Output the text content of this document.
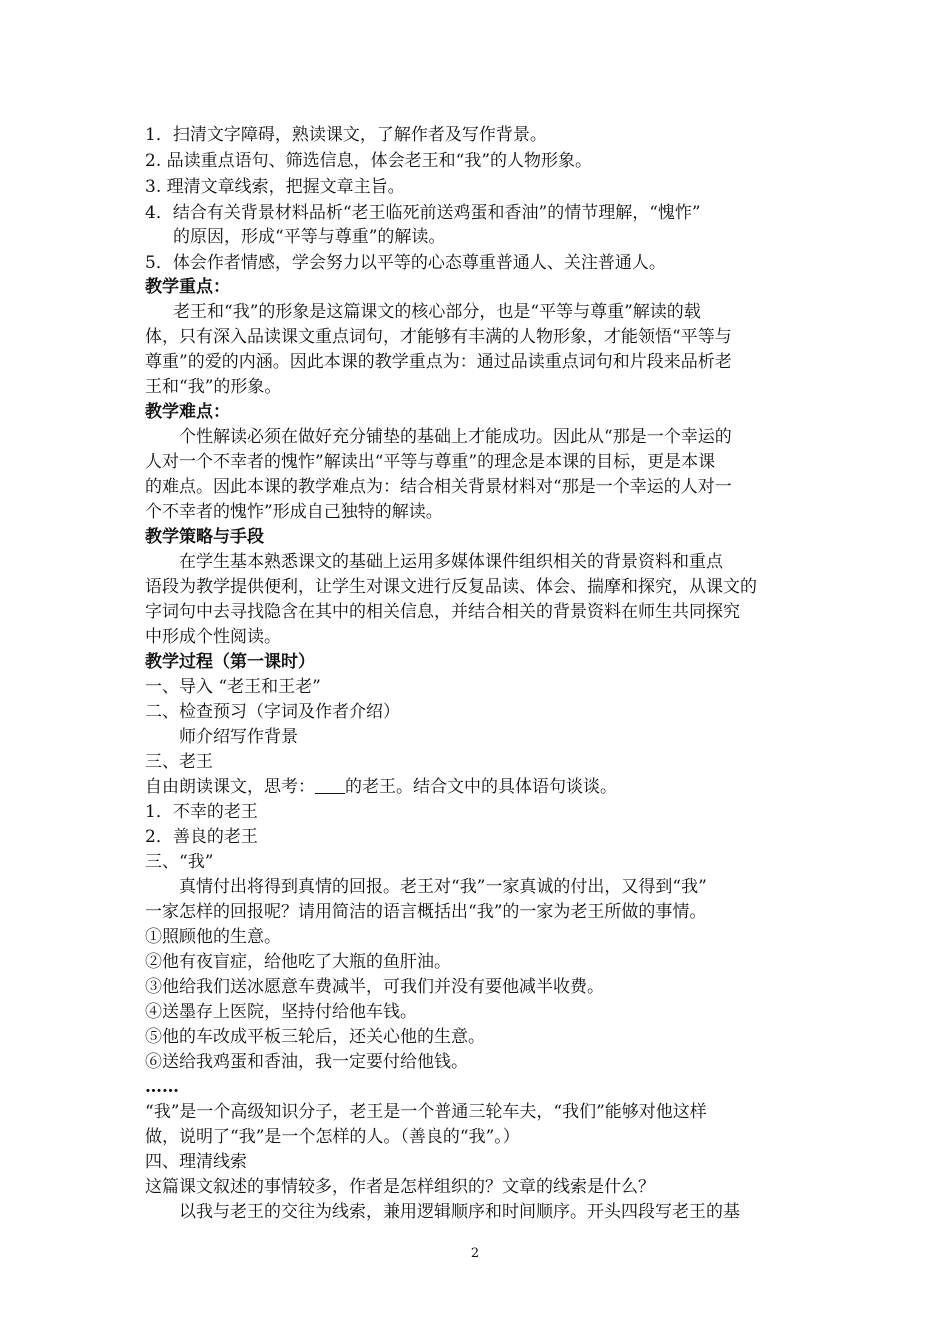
1．扫清文字障碍，熟读课文，了解作者及写作背景。
2. 品读重点语句、筛选信息，体会老王和“我”的人物形象。
3. 理清文章线索，把握文章主旨。
4．结合有关背景材料品析“老王临死前送鸡蛋和香油”的情节理解，“愧怍”
的原因，形成“平等与尊重”的解读。
5．体会作者情感，学会努力以平等的心态尊重普通人、关注普通人。
教学重点：
老王和“我”的形象是这篇课文的核心部分，也是“平等与尊重”解读的载
体，只有深入品读课文重点词句，才能够有丰满的人物形象，才能领悟“平等与
尊重”的爱的内涵。因此本课的教学重点为：通过品读重点词句和片段来品析老
王和“我”的形象。
教学难点：
个性解读必须在做好充分铺垫的基础上才能成功。因此从“那是一个幸运的
人对一个不幸者的愧怍”解读出“平等与尊重”的理念是本课的目标，更是本课
的难点。因此本课的教学难点为：结合相关背景材料对“那是一个幸运的人对一
个不幸者的愧怍”形成自己独特的解读。
教学策略与手段
在学生基本熟悉课文的基础上运用多媒体课件组织相关的背景资料和重点
语段为教学提供便利，让学生对课文进行反复品读、体会、揣摩和探究，从课文的
字词句中去寻找隐含在其中的相关信息，并结合相关的背景资料在师生共同探究
中形成个性阅读。
教学过程（第一课时）
一、导入 “老王和王老”
二、检查预习（字词及作者介绍）
师介绍写作背景
三、老王
自由朗读课文，思考： 的老王。结合文中的具体语句谈谈。
1．不幸的老王
2．善良的老王
三、“我”
真情付出将得到真情的回报。老王对“我”一家真诚的付出，又得到“我”
一家怎样的回报呢？请用简洁的语言概括出“我”的一家为老王所做的事情。
①照顾他的生意。
②他有夜盲症，给他吃了大瓶的鱼肝油。
③他给我们送冰愿意车费减半，可我们并没有要他减半收费。
④送墨存上医院，坚持付给他车钱。
⑤他的车改成平板三轮后，还关心他的生意。
⑥送给我鸡蛋和香油，我一定要付给他钱。
……
“我”是一个高级知识分子，老王是一个普通三轮车夫，“我们”能够对他这样
做，说明了“我”是一个怎样的人。（善良的“我”。）
四、理清线索
这篇课文叙述的事情较多，作者是怎样组织的？文章的线索是什么？
以我与老王的交往为线索，兼用逻辑顺序和时间顺序。开头四段写老王的基
2
